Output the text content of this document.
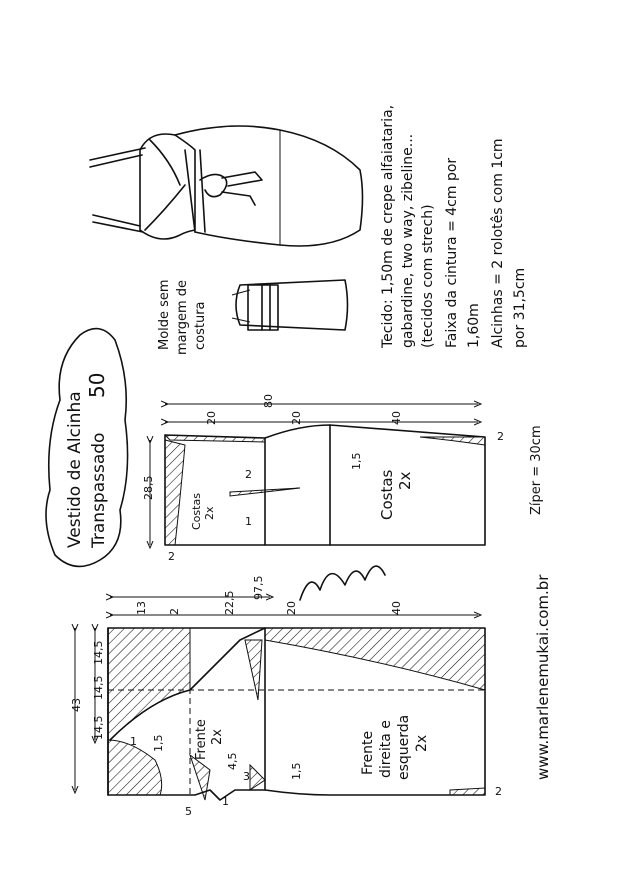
Vestido de Alcinha Transpassado
50
Molde sem margem de costura	Tecido: 1,50m de crepe alfaiataria, gabardine, two way, zibeline... (tecidos com strech) Faixa da cintura = 4cm por 1,60m Alcinhas = 2 rolotês com 1cm por 31,5cm
Zíper = 30cm
80
20	20	40
28,5
1
2
1,5
2
2
Costas 2x	Costas 2x
Marlene Mukai
97,5
13 2	22,5	20	40
43
14,5
14,5
14,5
1 1,5
4,5
5
1
3	1,5
2
Frente 2x	Frente direita e esquerda 2x	www.marlenemukai.com.br
